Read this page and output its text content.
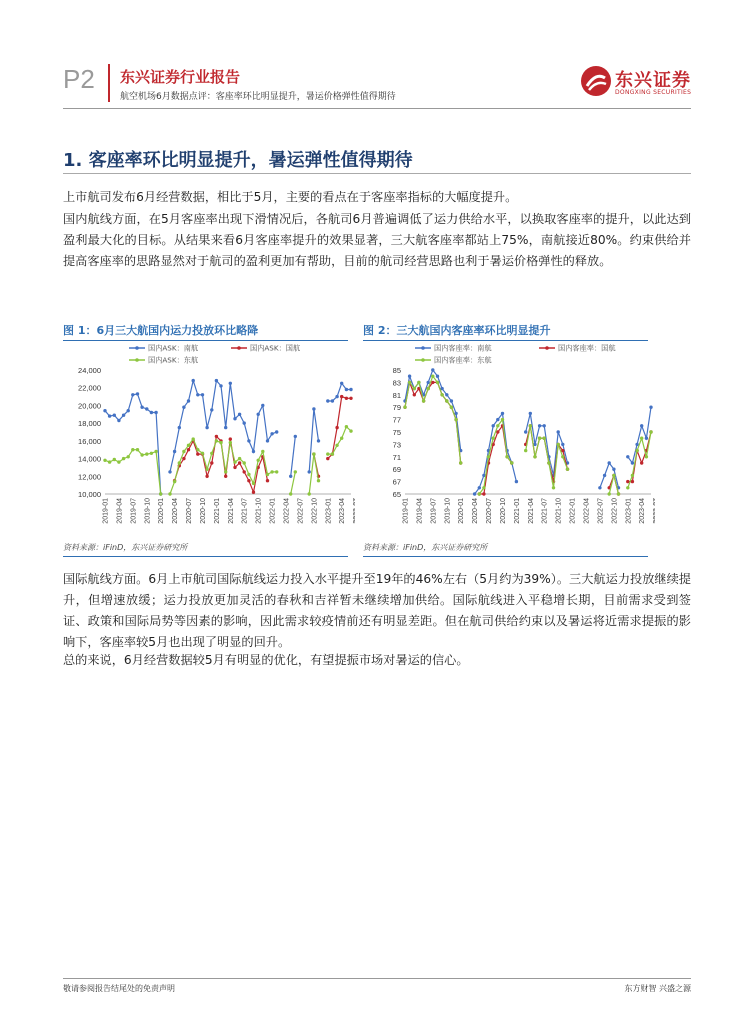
P2 东兴证券行业报告
航空机场6月数据点评：客座率环比明显提升，暑运价格弹性值得期待
东兴证券
DONGXING SECURITIES
1. 客座率环比明显提升，暑运弹性值得期待
上市航司发布6月经营数据，相比于5月，主要的看点在于客座率指标的大幅度提升。
国内航线方面，在5月客座率出现下滑情况后，各航司6月普遍调低了运力供给水平，以换取客座率的提升，以此达到盈利最大化的目标。从结果来看6月客座率提升的效果显著，三大航客座率都站上75%，南航接近80%。约束供给并提高客座率的思路显然对于航司的盈利更加有帮助，目前的航司经营思路也利于暑运价格弹性的释放。
国际航线方面。6月上市航司国际航线运力投入水平提升至19年的46%左右（5月约为39%）。三大航运力投放继续提升，但增速放缓；运力投放更加灵活的春秋和吉祥暂未继续增加供给。国际航线进入平稳增长期，目前需求受到签证、政策和国际局势等因素的影响，因此需求较疫情前还有明显差距。但在航司供给约束以及暑运将近需求提振的影响下，客座率较5月也出现了明显的回升。
总的来说，6月经营数据较5月有明显的优化，有望提振市场对暑运的信心。
图 1：6月三大航国内运力投放环比略降
10,000
12,000
14,000
16,000
18,000
20,000
22,000
24,000
2019-01 2019-04 2019-07 2019-10 2020-01 2020-04 2020-07 2020-10 2021-01 2021-04 2021-07 2021-10 2022-01 2022-04 2022-07 2022-10 2023-01 2023-04
国内ASK：南航	国内ASK：国航
国内ASK：东航
资料来源：iFinD，东兴证券研究所
图 2：三大航国内客座率环比明显提升
65
67
69
71
73
75
77
79
81
83
85
2019-01 2019-04 2019-07 2019-10 2020-01 2020-04 2020-07 2020-10 2021-01 2021-04 2021-07 2021-10 2022-01 2022-04 2022-07 2022-10 2023-01 2023-04
国内客座率：南航	国内客座率：国航
国内客座率：东航
资料来源：iFinD，东兴证券研究所
敬请参阅报告结尾处的免责声明	东方财智 兴盛之源
